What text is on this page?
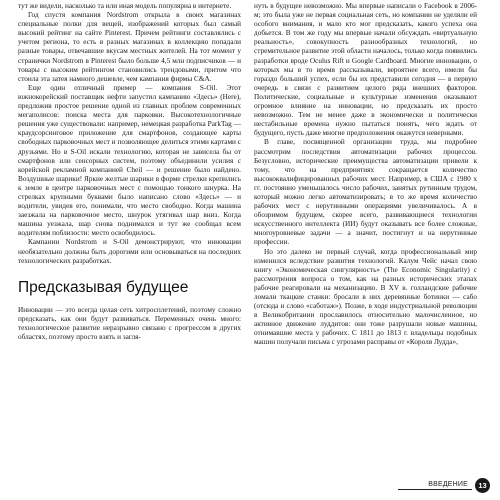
тут же видели, насколько та или иная модель популярна в интернете.

Год спустя компания Nordstrom открыла в своих магазинах специальные полки для вещей, изображений которых был самый высокий рейтинг на сайте Pinterest. Причем рейтинги составлялись с учетом региона, то есть в разных магазинах в коллекцию попадали разные товары, отвечавшие вкусам местных жителей. На тот момент у странички Nordstrom в Pinterest было больше 4,5 млн подписчиков — и товары с высоким рейтингом становились трендовыми, притом что стоила эта затея намного дешевле, чем кампания фирмы С&A.

Еще один отличный пример — компания S-Oil. Этот южнокорейский поставщик нефти запустил кампанию «Здесь» (Here), предложив простое решение одной из главных проблем современных мегаполисов: поиска места для парковки. Высокотехнологичные решения уже существовали: например, немецкая разработка ParkTag — краудсорсинговое приложение для смартфонов, создающее карты свободных парковочных мест и позволяющее делиться этими картами с друзьями. Но в S-Oil искали технологию, которая не зависела бы от смартфонов или сенсорных систем, поэтому объединили усилия с корейской рекламной компанией Cheil — и решение было найдено. Воздушные шарики! Яркие желтые шарики в форме стрелки крепились к земле в центре парковочных мест с помощью тонкого шнурка. На стрелках крупными буквами было написано слово «Здесь» — и водители, увидев его, понимали, что место свободно. Когда машина заезжала на парковочное место, шнурок утягивал шар вниз. Когда машина уезжала, шар снова поднимался и тут же сообщал всем водителям поблизости: место освободилось.

Кампании Nordstrom и S-Oil демонстрируют, что инновации необязательно должны быть дорогими или основываться на последних технологических разработках.

Предсказывая будущее

Инновации — это всегда целая сеть хитросплетений, поэтому сложно предсказать, как они будут развиваться. Переменных очень много: технологическое развитие неразрывно связано с прогрессом в других областях, поэтому просто взять и загля-

нуть в будущее невозможно. Мы впервые написали о Facebook в 2006-м; это была уже не первая социальная сеть, но компании не уделяли ей особого внимания, и мало кто мог предсказать, какого успеха она добьется. В том же году мы впервые начали обсуждать «виртуальную реальность», совокупность разнообразных технологий, но стремительное развитие этой области началось, только когда появились разработки вроде Oculus Rift и Google Cardboard. Многие инновации, о которых мы в то время рассказывали, вероятнее всего, имели бы гораздо больший успех, если бы их представили сегодня — в первую очередь в связи с развитием целого ряда внешних факторов. Политические, социальные и культурные изменения оказывают огромное влияние на инновации, но предсказать их просто невозможно. Тем не менее даже в экономически и политически нестабильные времена нужно пытаться понять, чего ждать от будущего, пусть даже многие предположения окажутся неверными.

В главе, посвященной организации труда, мы подробнее рассмотрим последствия автоматизации рабочих процессов. Безусловно, исторические преимущества автоматизации привели к тому, что на предприятиях сокращается количество высококвалифицированных рабочих мест. Например, в США с 1980 х гг. постоянно уменьшалось число рабочих, занятых рутинным трудом, который можно легко автоматизировать; в то же время количество рабочих мест с нерутинными операциями увеличивалось. А в обозримом будущем, скорее всего, развивающиеся технологии искусственного интеллекта (ИИ) будут оказывать все более сложные, многоуровневые задачи — а значит, постигнут и на нерутинные профессии.

Но это далеко не первый случай, когда профессиональный мир изменился вследствие развития технологий. Калум Чейс начал свою книгу «Экономическая сингулярность» (The Economic Singularity) с рассмотрения вопроса о том, как на разных исторических этапах рабочие реагировали на механизацию. В XV в. голландские рабочие ломали ткацкие станки: бросали в них деревянные ботинки — сабо (отсюда и слово «саботаж»). Позже, в ходе индустриальной революции в Великобритании прославилось относительно малочисленное, но активное движение луддитов: они тоже разрушали новые машины, отнимавшие места у рабочих. С 1811 до 1813 г. владельцы подобных машин получали письма с угрозами расправы от «Короля Лудда»,

ВВЕДЕНИЕ	13
